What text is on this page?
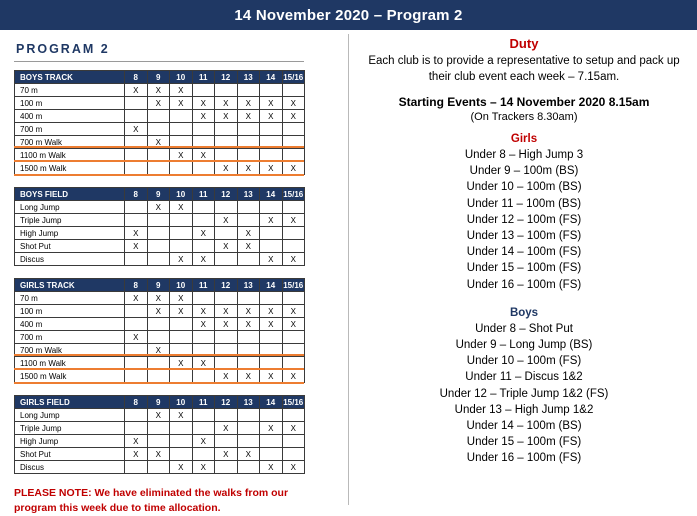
14 November 2020 – Program 2
PROGRAM 2
BOYS TRACK	8	9	10	11	12	13	14	15/16
70 m	X	X	X					
100 m		X	X	X	X	X	X	X
400 m				X	X	X	X	X
700 m	X							
700 m Walk		X						
1100 m Walk			X	X				
1500 m Walk					X	X	X	X
BOYS FIELD	8	9	10	11	12	13	14	15/16
Long Jump		X	X					
Triple Jump					X		X	X
High Jump	X			X		X		
Shot Put	X				X	X		
Discus			X	X			X	X
GIRLS TRACK	8	9	10	11	12	13	14	15/16
70 m	X	X	X					
100 m		X	X	X	X	X	X	X
400 m				X	X	X	X	X
700 m	X							
700 m Walk		X						
1100 m Walk			X	X				
1500 m Walk					X	X	X	X
GIRLS FIELD	8	9	10	11	12	13	14	15/16
Long Jump		X	X					
Triple Jump					X		X	X
High Jump	X			X				
Shot Put	X	X			X	X		
Discus			X	X			X	X
PLEASE NOTE: We have eliminated the walks from our program this week due to time allocation.
Duty
Each club is to provide a representative to setup and pack up their club event each week – 7.15am.
Starting Events – 14 November 2020 8.15am
(On Trackers 8.30am)
Girls
Under 8 – High Jump 3
Under 9 – 100m (BS)
Under 10 – 100m (BS)
Under 11 – 100m (BS)
Under 12 – 100m (FS)
Under 13 – 100m (FS)
Under 14 – 100m (FS)
Under 15 – 100m (FS)
Under 16 – 100m (FS)
Boys
Under 8 – Shot Put
Under 9 – Long Jump (BS)
Under 10 – 100m (FS)
Under 11 – Discus 1&2
Under 12 – Triple Jump 1&2 (FS)
Under 13 – High Jump 1&2
Under 14 – 100m (BS)
Under 15 – 100m (FS)
Under 16 – 100m (FS)
